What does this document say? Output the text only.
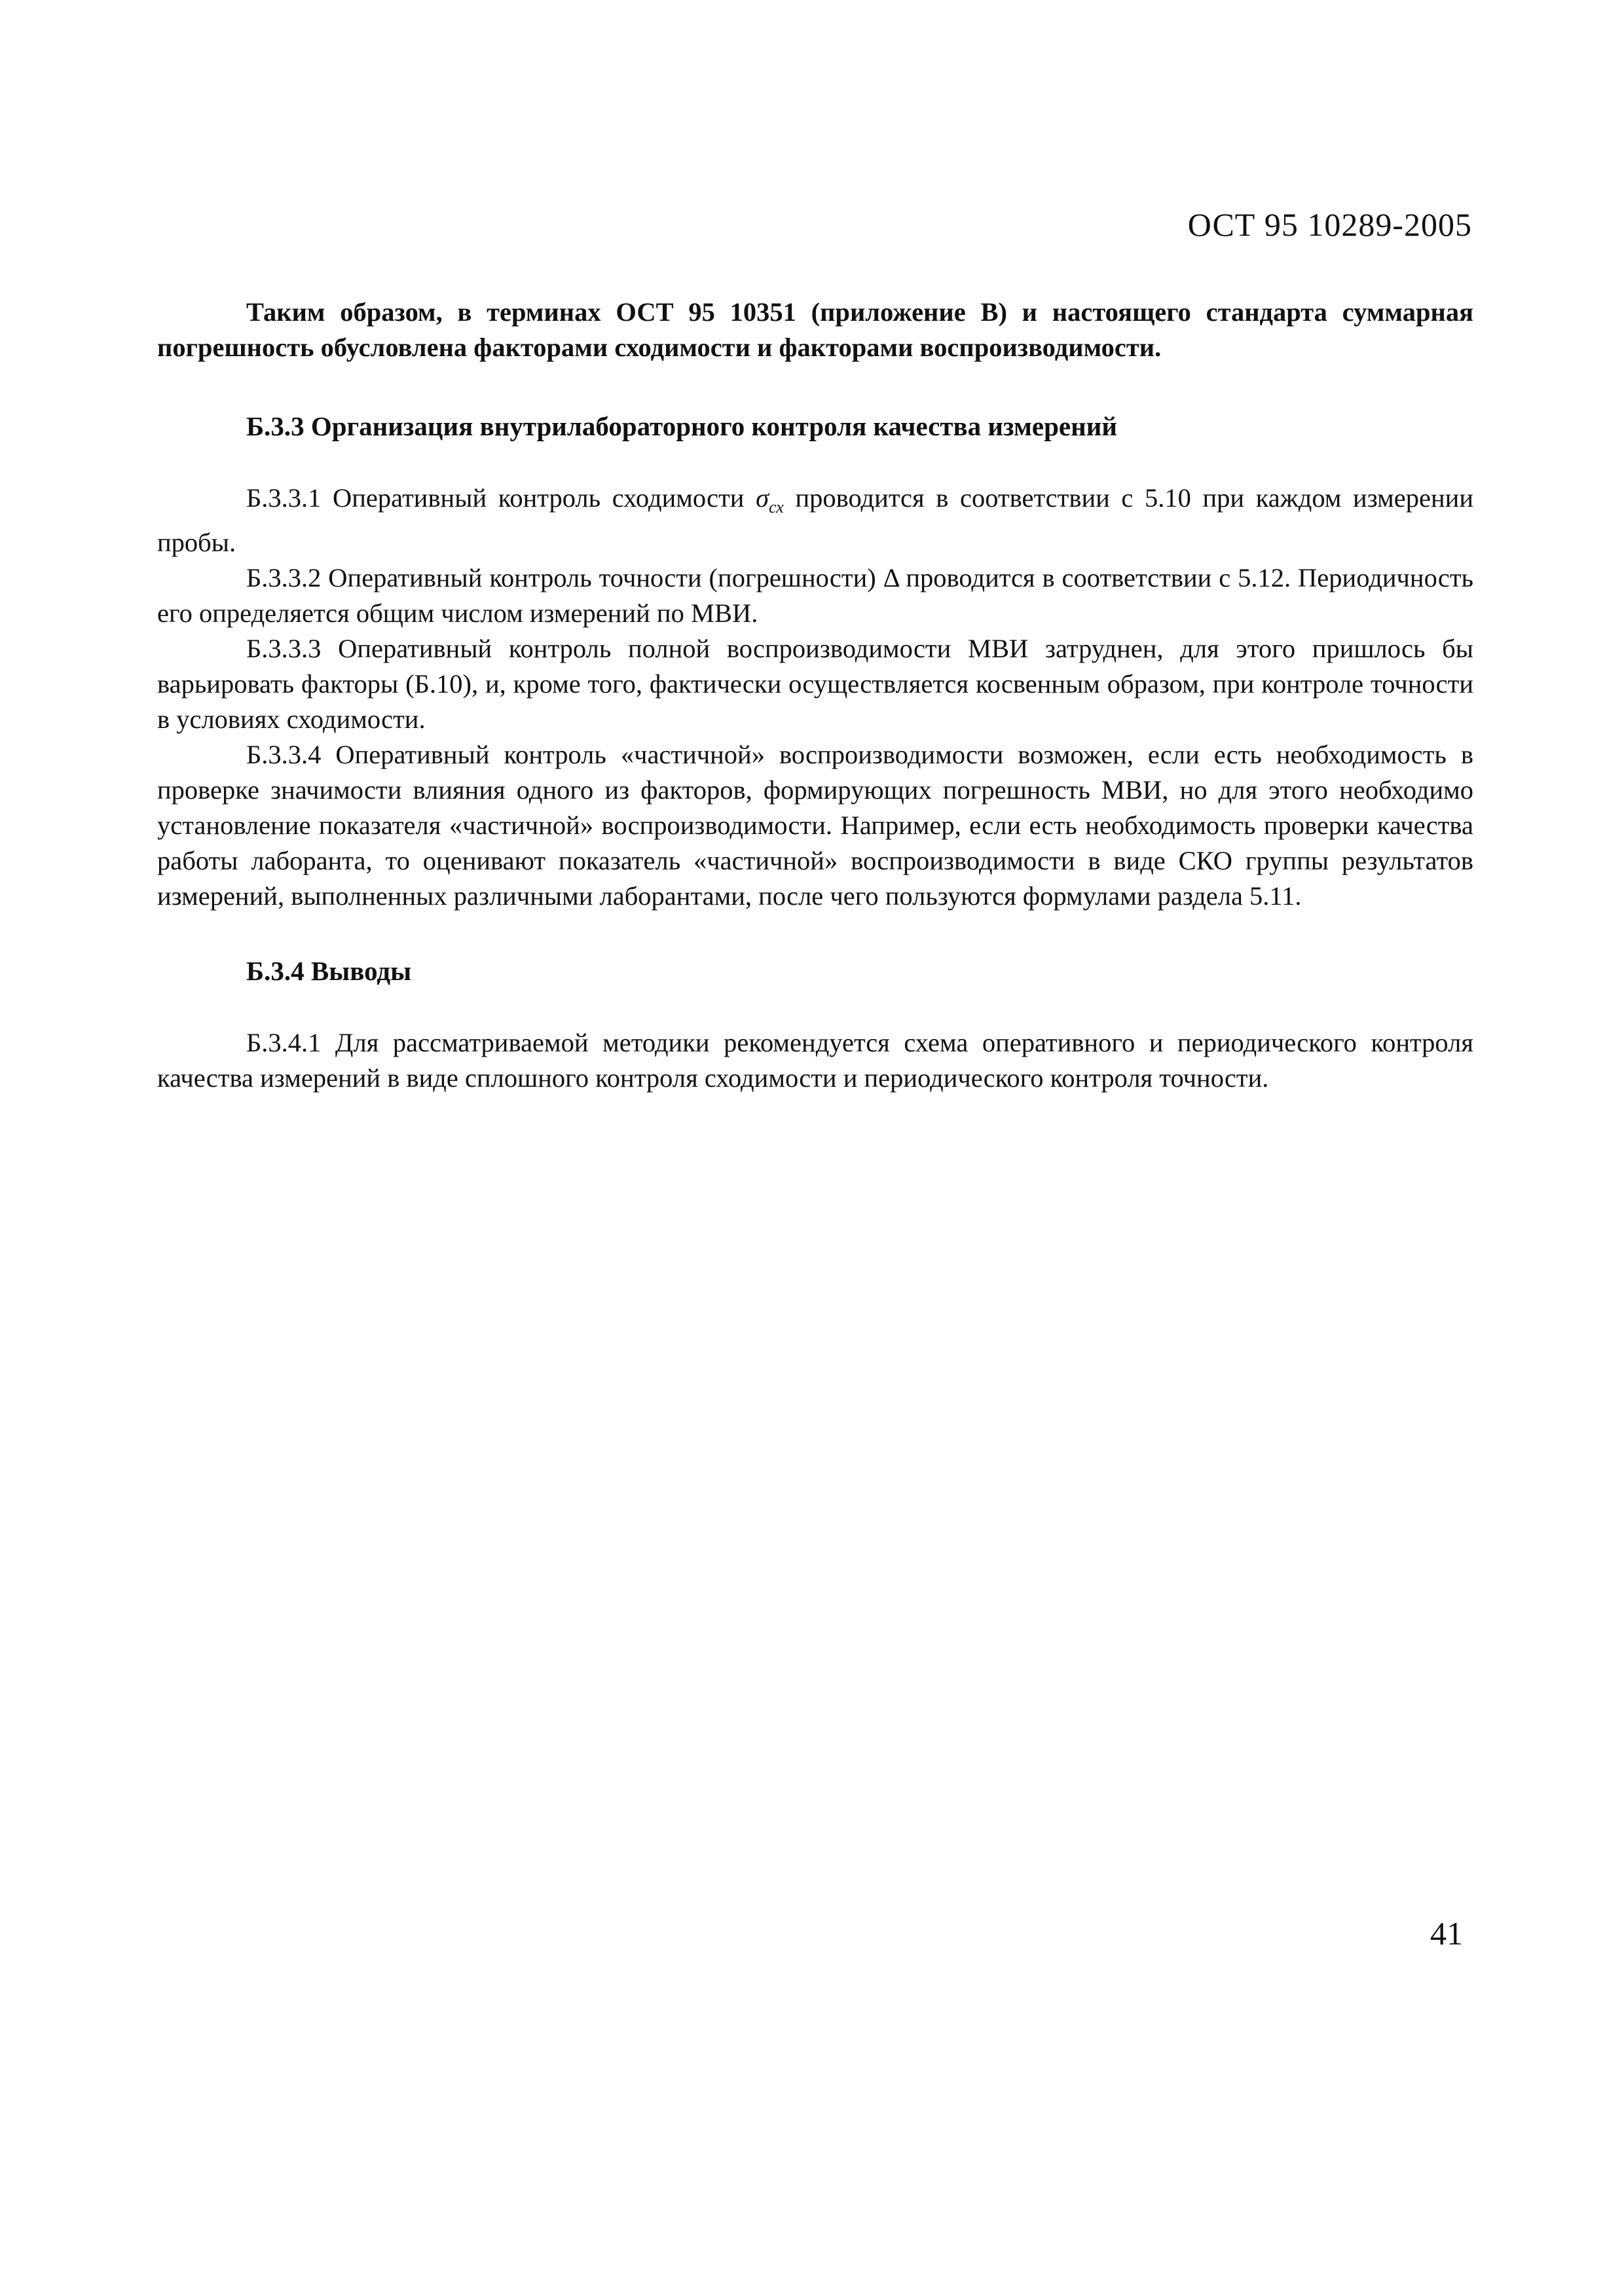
ОСТ 95 10289-2005

Таким образом, в терминах ОСТ 95 10351 (приложение В) и настоящего стандарта суммарная погрешность обусловлена факторами сходимости и факторами воспроизводимости.

Б.3.3 Организация внутрилабораторного контроля качества измерений

Б.3.3.1 Оперативный контроль сходимости $\sigma_{сх}$ проводится в соответствии с 5.10 при каждом измерении пробы.

Б.3.3.2 Оперативный контроль точности (погрешности) Δ проводится в соответствии с 5.12. Периодичность его определяется общим числом измерений по МВИ.

Б.3.3.3 Оперативный контроль полной воспроизводимости МВИ затруднен, для этого пришлось бы варьировать факторы (Б.10), и, кроме того, фактически осуществляется косвенным образом, при контроле точности в условиях сходимости.

Б.3.3.4 Оперативный контроль «частичной» воспроизводимости возможен, если есть необходимость в проверке значимости влияния одного из факторов, формирующих погрешность МВИ, но для этого необходимо установление показателя «частичной» воспроизводимости. Например, если есть необходимость проверки качества работы лаборанта, то оценивают показатель «частичной» воспроизводимости в виде СКО группы результатов измерений, выполненных различными лаборантами, после чего пользуются формулами раздела 5.11.

Б.3.4 Выводы

Б.3.4.1 Для рассматриваемой методики рекомендуется схема оперативного и периодического контроля качества измерений в виде сплошного контроля сходимости и периодического контроля точности.

41
